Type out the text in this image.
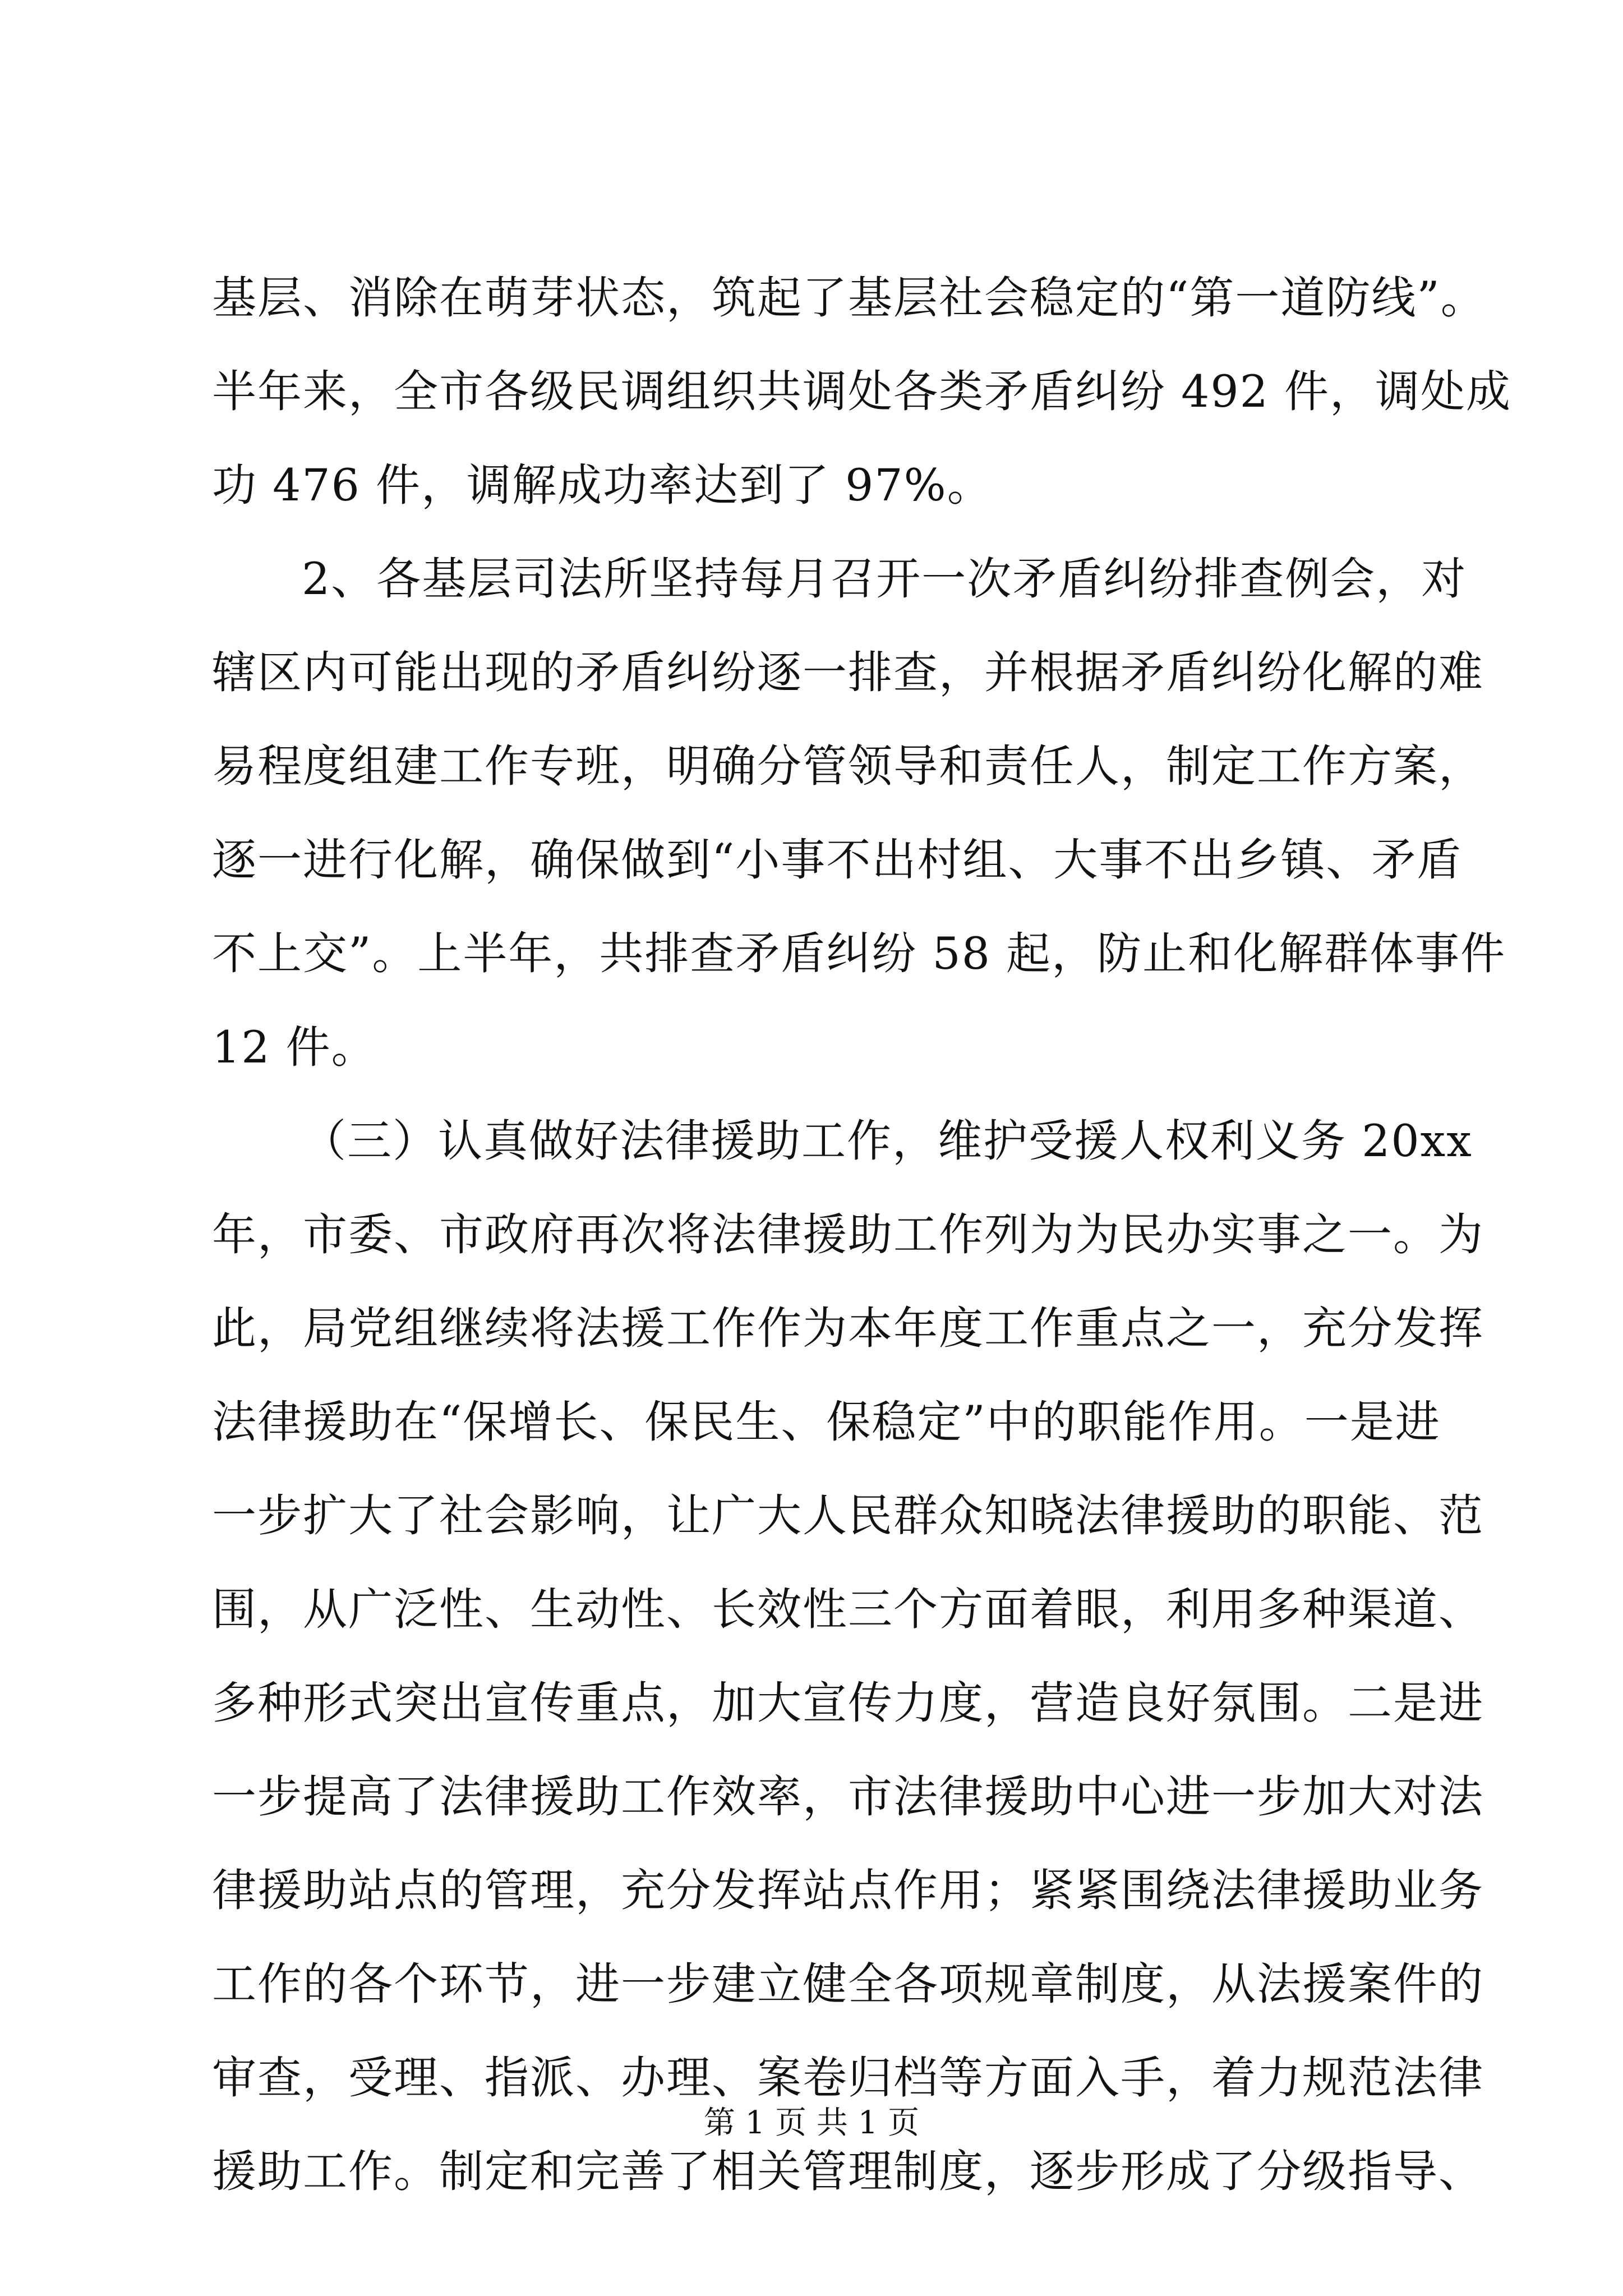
基层、消除在萌芽状态，筑起了基层社会稳定的“第一道防线”。
半年来，全市各级民调组织共调处各类矛盾纠纷 492 件，调处成
功 476 件，调解成功率达到了 97%。
2、各基层司法所坚持每月召开一次矛盾纠纷排查例会，对
辖区内可能出现的矛盾纠纷逐一排查，并根据矛盾纠纷化解的难
易程度组建工作专班，明确分管领导和责任人，制定工作方案，
逐一进行化解，确保做到“小事不出村组、大事不出乡镇、矛盾
不上交”。上半年，共排查矛盾纠纷 58 起，防止和化解群体事件
12 件。
（三）认真做好法律援助工作，维护受援人权利义务 20xx
年，市委、市政府再次将法律援助工作列为为民办实事之一。为
此，局党组继续将法援工作作为本年度工作重点之一，充分发挥
法律援助在“保增长、保民生、保稳定”中的职能作用。一是进
一步扩大了社会影响，让广大人民群众知晓法律援助的职能、范
围，从广泛性、生动性、长效性三个方面着眼，利用多种渠道、
多种形式突出宣传重点，加大宣传力度，营造良好氛围。二是进
一步提高了法律援助工作效率，市法律援助中心进一步加大对法
律援助站点的管理，充分发挥站点作用；紧紧围绕法律援助业务
工作的各个环节，进一步建立健全各项规章制度，从法援案件的
审查，受理、指派、办理、案卷归档等方面入手，着力规范法律
援助工作。制定和完善了相关管理制度，逐步形成了分级指导、
第 1 页 共 1 页
